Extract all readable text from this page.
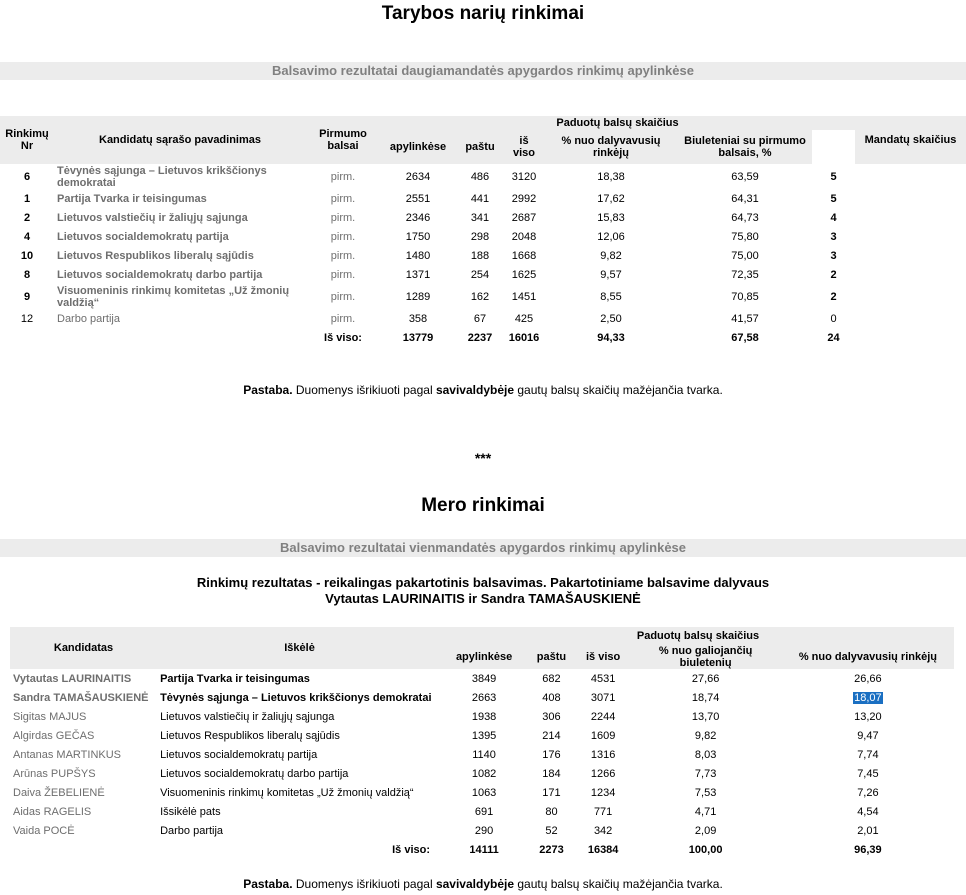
Tarybos narių rinkimai
Balsavimo rezultatai daugiamandatės apygardos rinkimų apylinkėse
Rinkimų Nr	Kandidatų sąrašo pavadinimas	Pirmumo balsai	Paduotų balsų skaičius						Mandatų skaičius
			apylinkėse	paštu	iš viso	% nuo dalyvavusių rinkėjų	Biuleteniai su pirmumo balsais, %		
6	Tėvynės sąjunga – Lietuvos krikščionys demokratai	pirm.	2634	486	3120	18,38	63,59	5	
1	Partija Tvarka ir teisingumas	pirm.	2551	441	2992	17,62	64,31	5	
2	Lietuvos valstiečių ir žaliųjų sąjunga	pirm.	2346	341	2687	15,83	64,73	4	
4	Lietuvos socialdemokratų partija	pirm.	1750	298	2048	12,06	75,80	3	
10	Lietuvos Respublikos liberalų sąjūdis	pirm.	1480	188	1668	9,82	75,00	3	
8	Lietuvos socialdemokratų darbo partija	pirm.	1371	254	1625	9,57	72,35	2	
9	Visuomeninis rinkimų komitetas „Už žmonių valdžią“	pirm.	1289	162	1451	8,55	70,85	2	
12	Darbo partija	pirm.	358	67	425	2,50	41,57	0	
		Iš viso:	13779	2237	16016	94,33	67,58	24	
Pastaba. Duomenys išrikiuoti pagal savivaldybėje gautų balsų skaičių mažėjančia tvarka.
***
Mero rinkimai
Balsavimo rezultatai vienmandatės apygardos rinkimų apylinkėse
Rinkimų rezultatas - reikalingas pakartotinis balsavimas. Pakartotiniame balsavime dalyvaus
Vytautas LAURINAITIS ir Sandra TAMAŠAUSKIENĖ
Kandidatas	Iškėlė	Paduotų balsų skaičius				
		apylinkėse	paštu	iš viso	% nuo galiojančių biuletenių	% nuo dalyvavusių rinkėjų
Vytautas LAURINAITIS	Partija Tvarka ir teisingumas	3849	682	4531	27,66	26,66
Sandra TAMAŠAUSKIENĖ	Tėvynės sąjunga – Lietuvos krikščionys demokratai	2663	408	3071	18,74	18,07
Sigitas MAJUS	Lietuvos valstiečių ir žaliųjų sąjunga	1938	306	2244	13,70	13,20
Algirdas GEČAS	Lietuvos Respublikos liberalų sąjūdis	1395	214	1609	9,82	9,47
Antanas MARTINKUS	Lietuvos socialdemokratų partija	1140	176	1316	8,03	7,74
Arūnas PUPŠYS	Lietuvos socialdemokratų darbo partija	1082	184	1266	7,73	7,45
Daiva ŽEBELIENĖ	Visuomeninis rinkimų komitetas „Už žmonių valdžią“	1063	171	1234	7,53	7,26
Aidas RAGELIS	Išsikėlė pats	691	80	771	4,71	4,54
Vaida POCĖ	Darbo partija	290	52	342	2,09	2,01
	Iš viso:	14111	2273	16384	100,00	96,39
Pastaba. Duomenys išrikiuoti pagal savivaldybėje gautų balsų skaičių mažėjančia tvarka.
